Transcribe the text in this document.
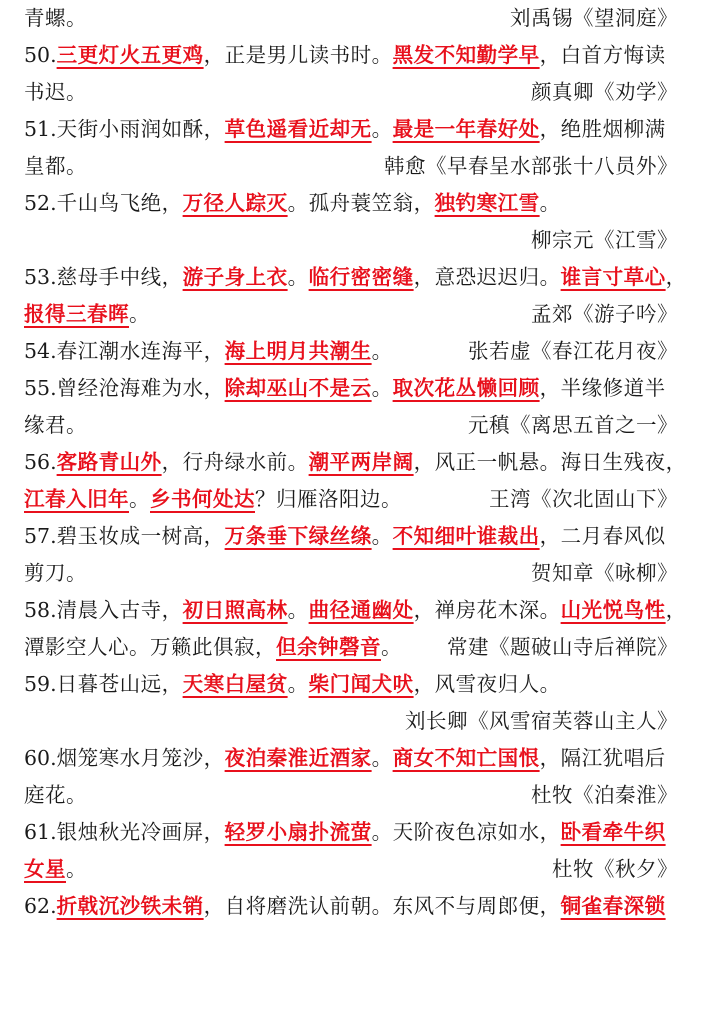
青螺。	刘禹锡《望洞庭》
50.三更灯火五更鸡，正是男儿读书时。黑发不知勤学早，白首方悔读
书迟。	颜真卿《劝学》
51.天街小雨润如酥，草色遥看近却无。最是一年春好处，绝胜烟柳满
皇都。	韩愈《早春呈水部张十八员外》
52.千山鸟飞绝，万径人踪灭。孤舟蓑笠翁，独钓寒江雪。
柳宗元《江雪》
53.慈母手中线，游子身上衣。临行密密缝，意恐迟迟归。谁言寸草心，
报得三春晖。	孟郊《游子吟》
54.春江潮水连海平，海上明月共潮生。	张若虚《春江花月夜》
55.曾经沧海难为水，除却巫山不是云。取次花丛懒回顾，半缘修道半
缘君。	元稹《离思五首之一》
56.客路青山外，行舟绿水前。潮平两岸阔，风正一帆悬。海日生残夜，
江春入旧年。乡书何处达？归雁洛阳边。	王湾《次北固山下》
57.碧玉妆成一树高，万条垂下绿丝绦。不知细叶谁裁出，二月春风似
剪刀。	贺知章《咏柳》
58.清晨入古寺，初日照高林。曲径通幽处，禅房花木深。山光悦鸟性，
潭影空人心。万籁此俱寂，但余钟磬音。 常建《题破山寺后禅院》
59.日暮苍山远，天寒白屋贫。柴门闻犬吠，风雪夜归人。
刘长卿《风雪宿芙蓉山主人》
60.烟笼寒水月笼沙，夜泊秦淮近酒家。商女不知亡国恨，隔江犹唱后
庭花。	杜牧《泊秦淮》
61.银烛秋光冷画屏，轻罗小扇扑流萤。天阶夜色凉如水，卧看牵牛织
女星。	杜牧《秋夕》
62.折戟沉沙铁未销，自将磨洗认前朝。东风不与周郎便，铜雀春深锁
